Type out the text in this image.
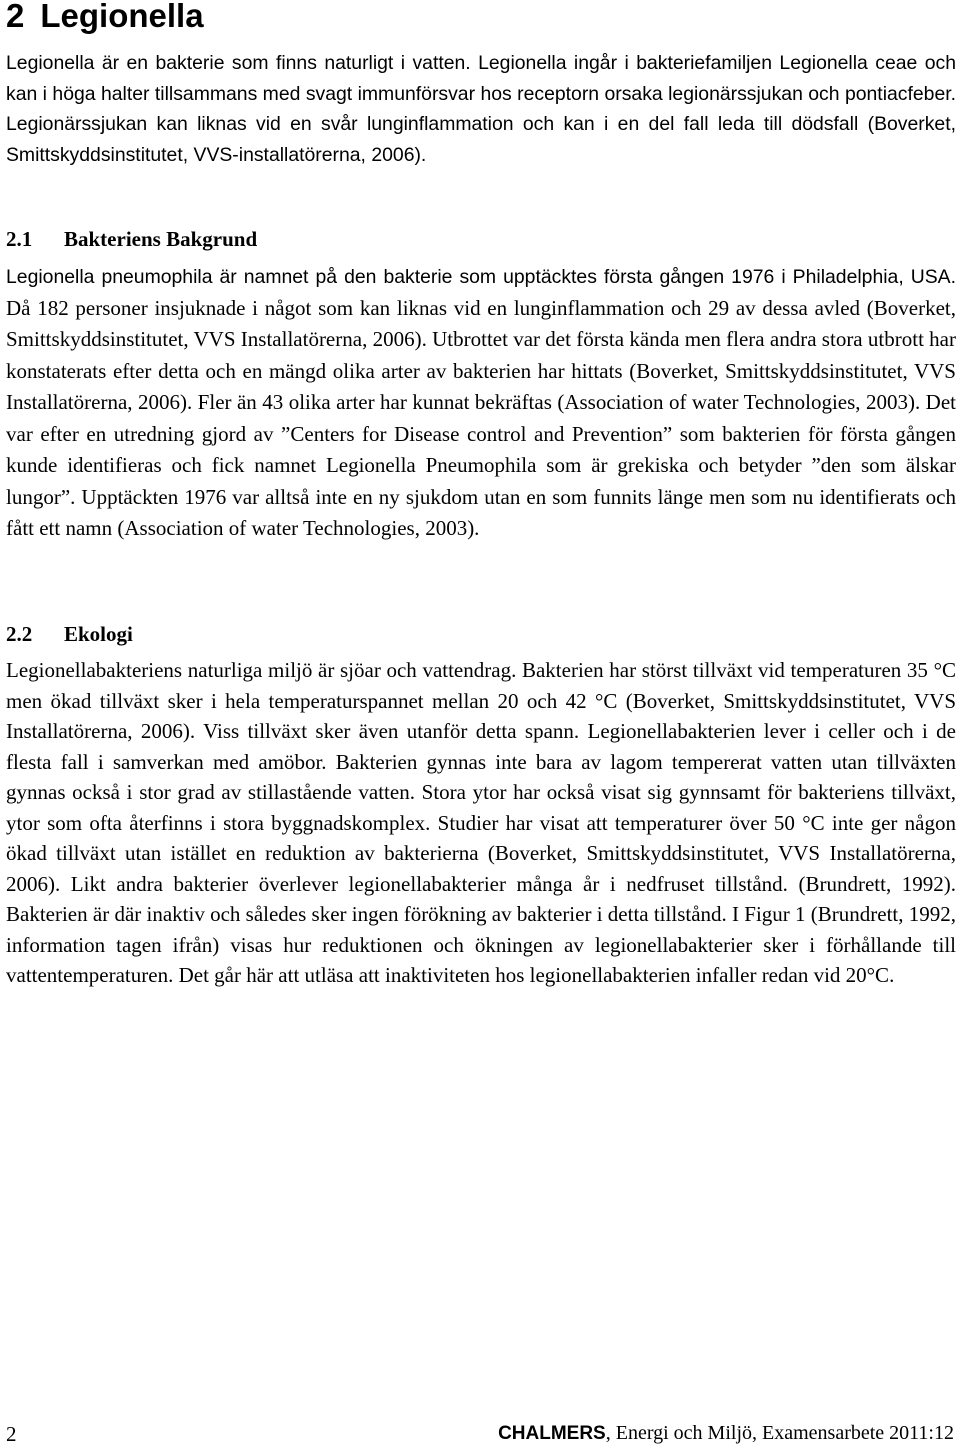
2 Legionella

Legionella är en bakterie som finns naturligt i vatten. Legionella ingår i bakteriefamiljen Legionella ceae och kan i höga halter tillsammans med svagt immunförsvar hos receptorn orsaka legionärssjukan och pontiacfeber. Legionärssjukan kan liknas vid en svår lunginflammation och kan i en del fall leda till dödsfall (Boverket, Smittskyddsinstitutet, VVS-installatörerna, 2006).

2.1 Bakteriens Bakgrund

Legionella pneumophila är namnet på den bakterie som upptäcktes första gången 1976 i Philadelphia, USA. Då 182 personer insjuknade i något som kan liknas vid en lunginflammation och 29 av dessa avled (Boverket, Smittskyddsinstitutet, VVS Installatörerna, 2006). Utbrottet var det första kända men flera andra stora utbrott har konstaterats efter detta och en mängd olika arter av bakterien har hittats (Boverket, Smittskyddsinstitutet, VVS Installatörerna, 2006). Fler än 43 olika arter har kunnat bekräftas (Association of water Technologies, 2003). Det var efter en utredning gjord av ”Centers for Disease control and Prevention” som bakterien för första gången kunde identifieras och fick namnet Legionella Pneumophila som är grekiska och betyder ”den som älskar lungor”. Upptäckten 1976 var alltså inte en ny sjukdom utan en som funnits länge men som nu identifierats och fått ett namn (Association of water Technologies, 2003).

2.2 Ekologi

Legionellabakteriens naturliga miljö är sjöar och vattendrag. Bakterien har störst tillväxt vid temperaturen 35 °C men ökad tillväxt sker i hela temperaturspannet mellan 20 och 42 °C (Boverket, Smittskyddsinstitutet, VVS Installatörerna, 2006). Viss tillväxt sker även utanför detta spann. Legionellabakterien lever i celler och i de flesta fall i samverkan med amöbor. Bakterien gynnas inte bara av lagom tempererat vatten utan tillväxten gynnas också i stor grad av stillastående vatten. Stora ytor har också visat sig gynnsamt för bakteriens tillväxt, ytor som ofta återfinns i stora byggnadskomplex. Studier har visat att temperaturer över 50 °C inte ger någon ökad tillväxt utan istället en reduktion av bakterierna (Boverket, Smittskyddsinstitutet, VVS Installatörerna, 2006). Likt andra bakterier överlever legionellabakterier många år i nedfruset tillstånd. (Brundrett, 1992). Bakterien är där inaktiv och således sker ingen förökning av bakterier i detta tillstånd. I Figur 1 (Brundrett, 1992, information tagen ifrån) visas hur reduktionen och ökningen av legionellabakterier sker i förhållande till vattentemperaturen. Det går här att utläsa att inaktiviteten hos legionellabakterien infaller redan vid 20°C.

2	CHALMERS, Energi och Miljö, Examensarbete 2011:12
